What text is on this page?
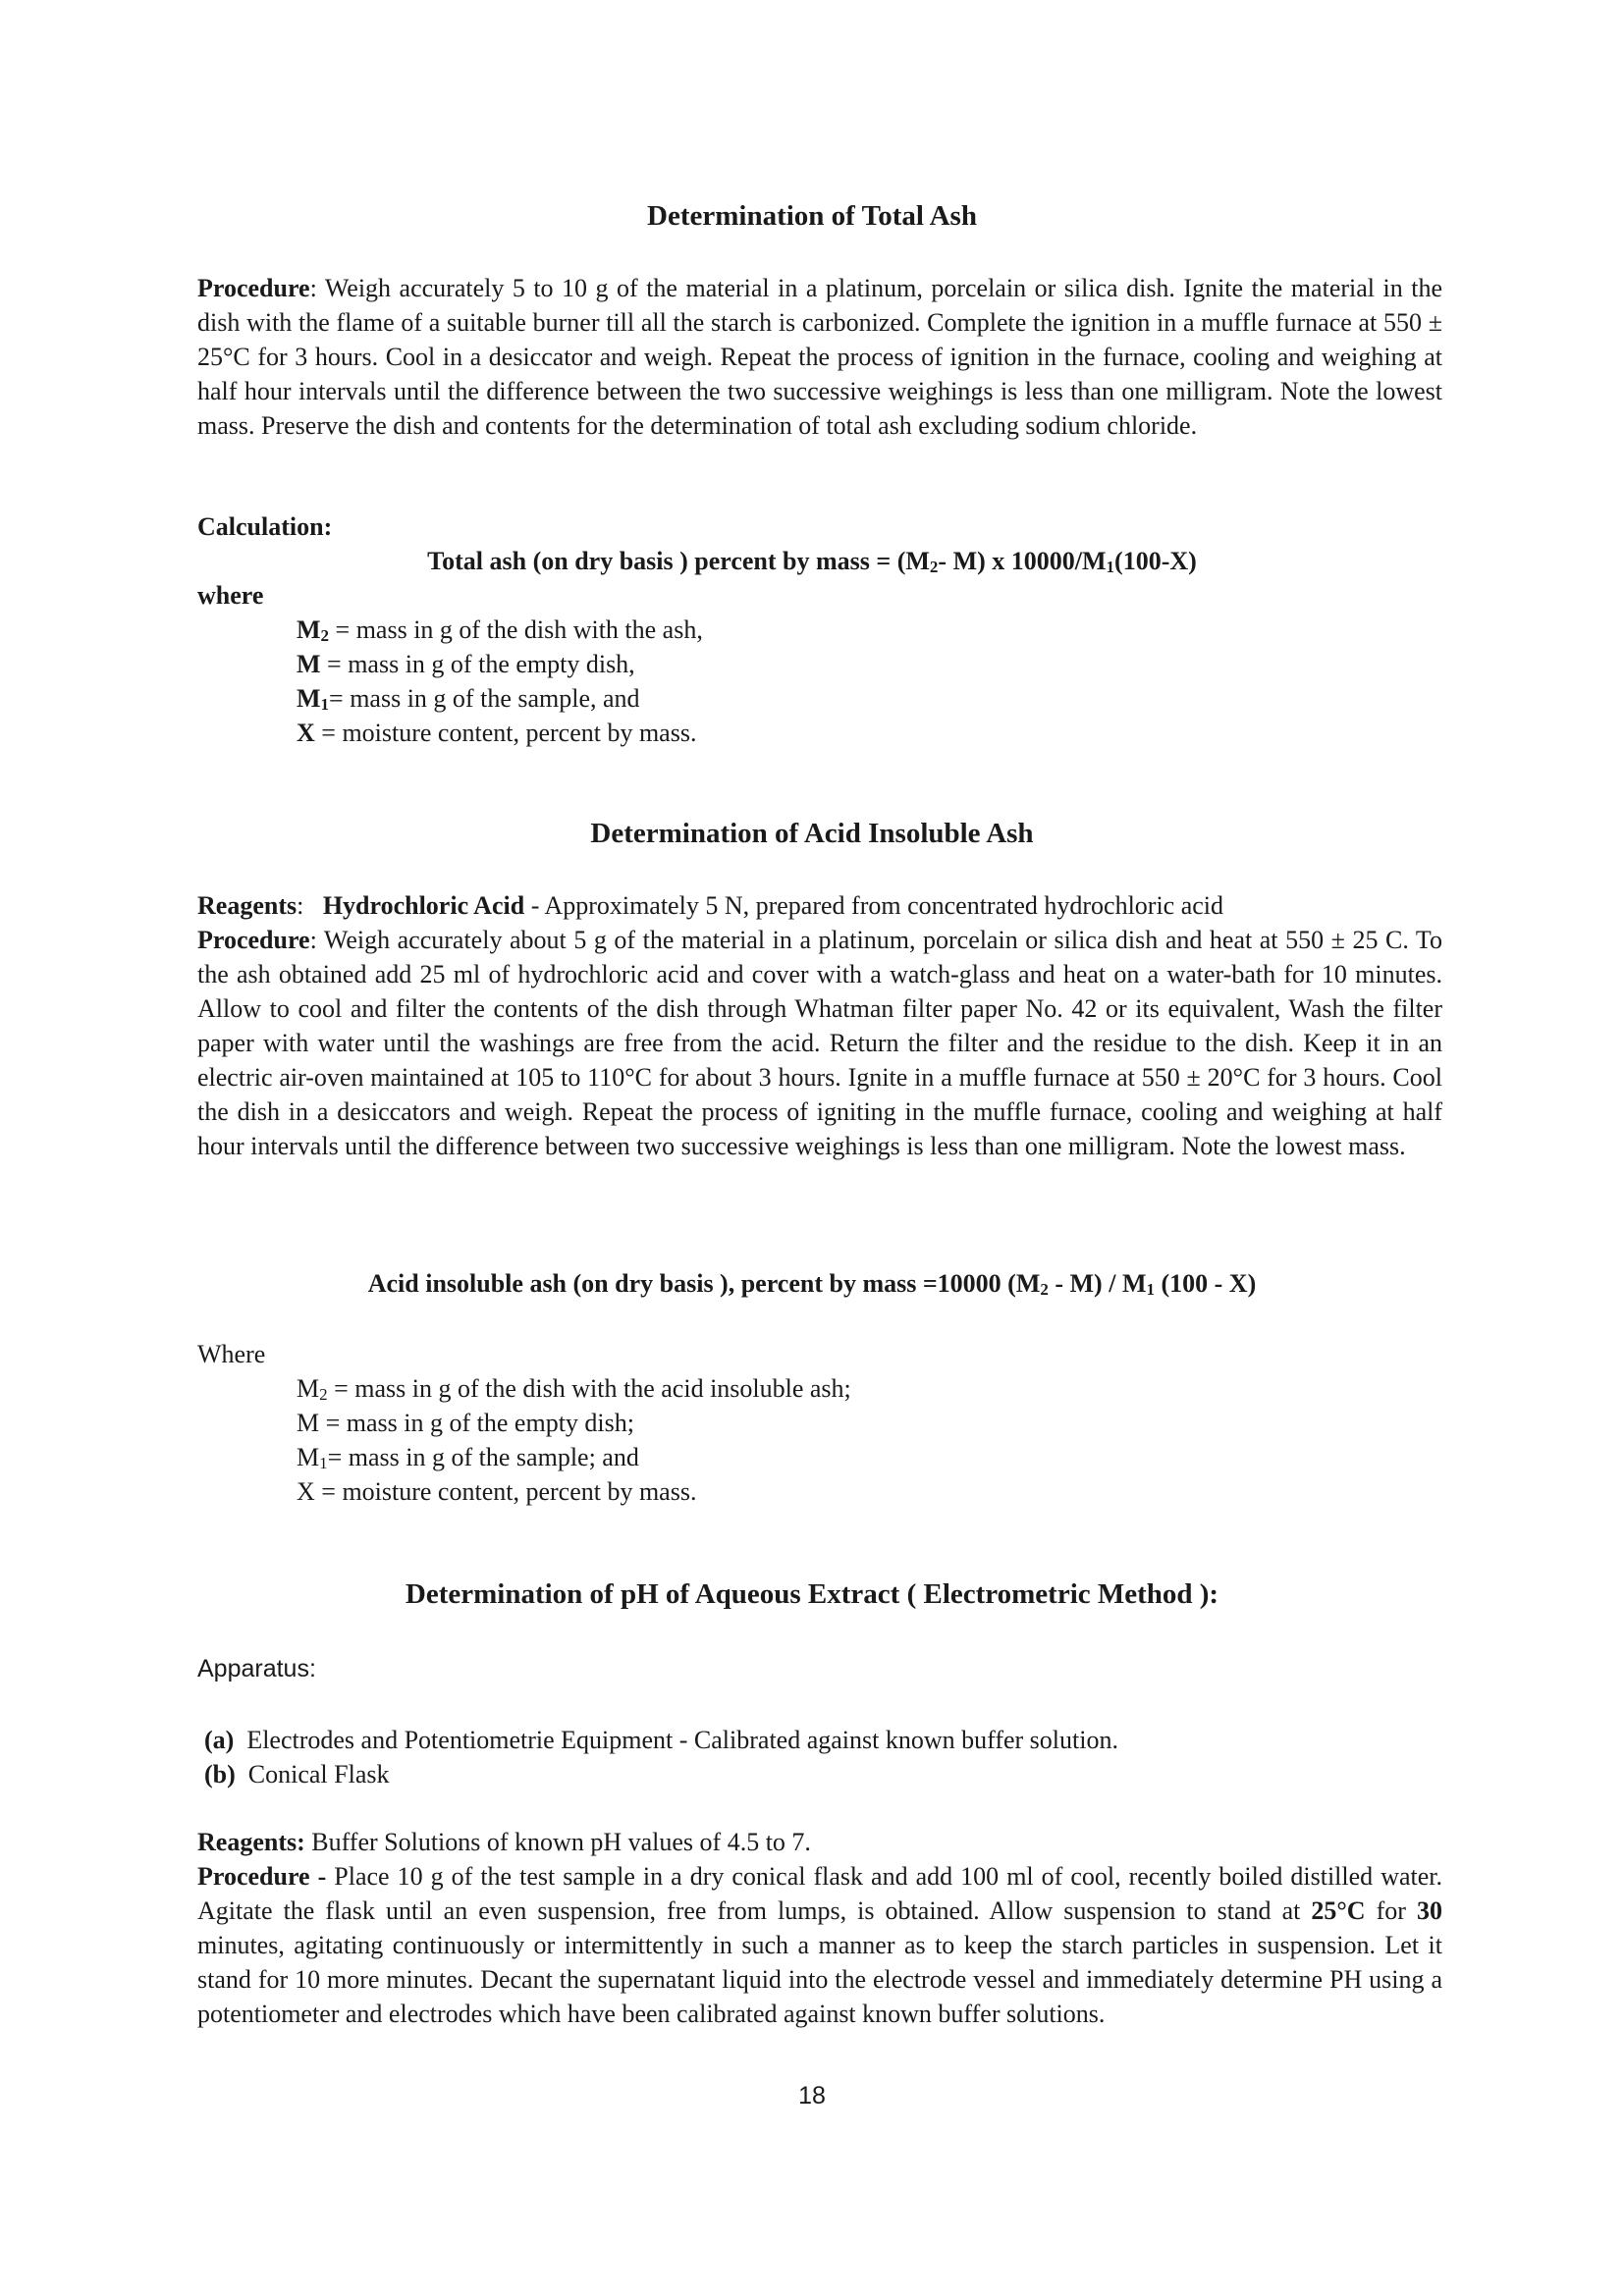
Determination of Total Ash

Procedure: Weigh accurately 5 to 10 g of the material in a platinum, porcelain or silica dish. Ignite the material in the dish with the flame of a suitable burner till all the starch is carbonized. Complete the ignition in a muffle furnace at 550 ± 25°C for 3 hours. Cool in a desiccator and weigh. Repeat the process of ignition in the furnace, cooling and weighing at half hour intervals until the difference between the two successive weighings is less than one milligram. Note the lowest mass. Preserve the dish and contents for the determination of total ash excluding sodium chloride.

Calculation:
Total ash (on dry basis ) percent by mass = ($M_2-$ M) x $10000/M_1(100-X)$
where
$M_2$ = mass in g of the dish with the ash,
M = mass in g of the empty dish,
$M_1=$ mass in g of the sample, and
X = moisture content, percent by mass.
Determination of Acid Insoluble Ash

Reagents: Hydrochloric Acid - Approximately 5 N, prepared from concentrated hydrochloric acid

Procedure: Weigh accurately about 5 g of the material in a platinum, porcelain or silica dish and heat at 550 ± 25 C. To the ash obtained add 25 ml of hydrochloric acid and cover with a watch-glass and heat on a water-bath for 10 minutes. Allow to cool and filter the contents of the dish through Whatman filter paper No. 42 or its equivalent, Wash the filter paper with water until the washings are free from the acid. Return the filter and the residue to the dish. Keep it in an electric air-oven maintained at 105 to 110°C for about 3 hours. Ignite in a muffle furnace at 550 ± 20°C for 3 hours. Cool the dish in a desiccators and weigh. Repeat the process of igniting in the muffle furnace, cooling and weighing at half hour intervals until the difference between two successive weighings is less than one milligram. Note the lowest mass.

Acid insoluble ash (on dry basis ), percent by mass =10000 $(M_2 - M) / M_1$ (100 - X)
Where
$M_2$ = mass in g of the dish with the acid insoluble ash;
M = mass in g of the empty dish;
$M_1=$ mass in g of the sample; and
X = moisture content, percent by mass.
Determination of pH of Aqueous Extract ( Electrometric Method ):
Apparatus:
(a)  Electrodes and Potentiometrie Equipment - Calibrated against known buffer solution.
(b)  Conical Flask

Reagents: Buffer Solutions of known pH values of 4.5 to 7.

Procedure - Place 10 g of the test sample in a dry conical flask and add 100 ml of cool, recently boiled distilled water. Agitate the flask until an even suspension, free from lumps, is obtained. Allow suspension to stand at 25°C for 30 minutes, agitating continuously or intermittently in such a manner as to keep the starch particles in suspension. Let it stand for 10 more minutes. Decant the supernatant liquid into the electrode vessel and immediately determine PH using a potentiometer and electrodes which have been calibrated against known buffer solutions.

18
